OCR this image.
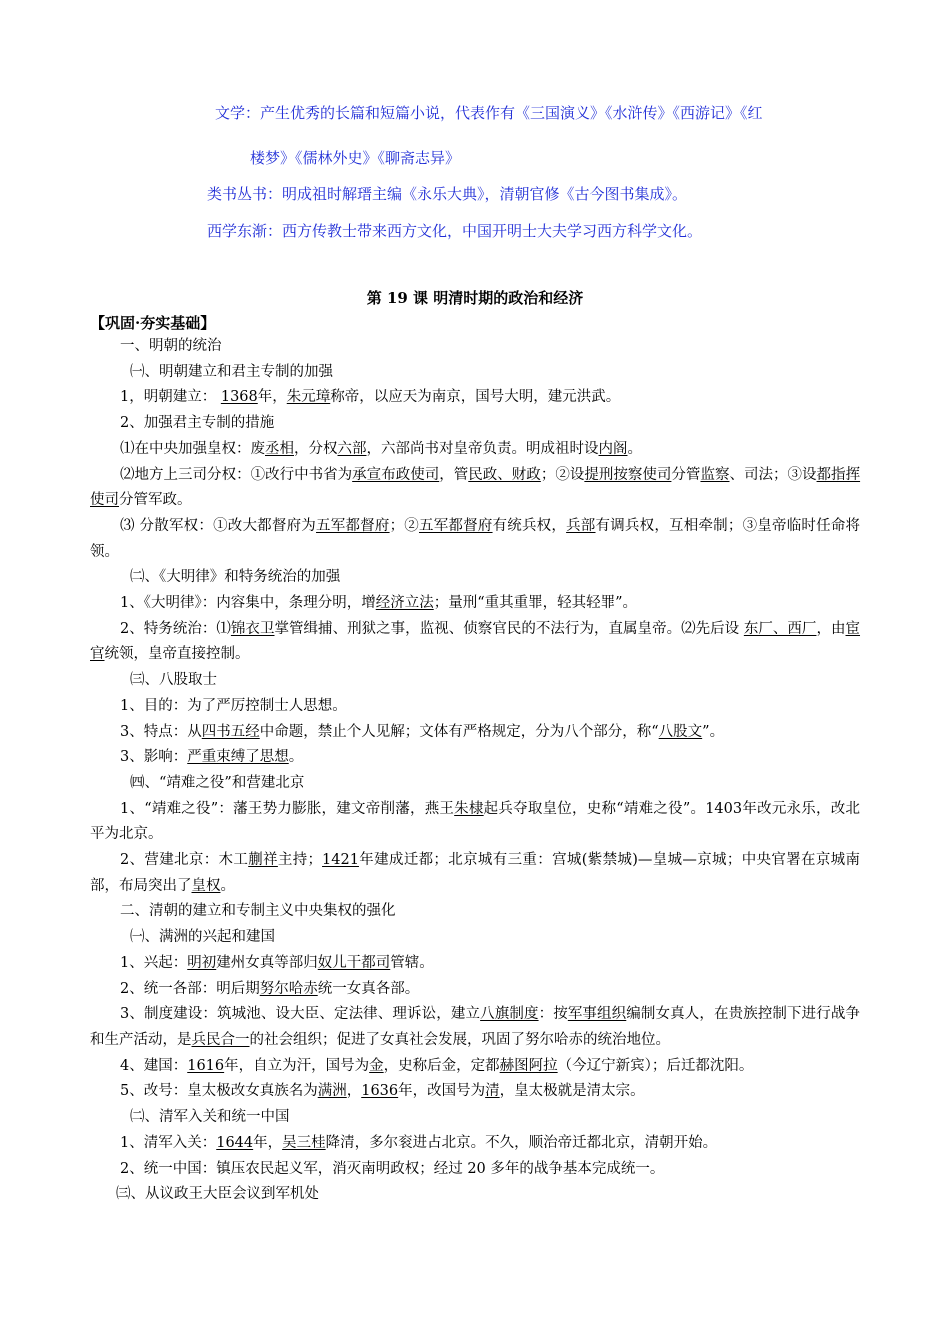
文学：产生优秀的长篇和短篇小说，代表作有《三国演义》《水浒传》《西游记》《红
楼梦》《儒林外史》《聊斋志异》
类书丛书：明成祖时解瑨主编《永乐大典》，清朝官修《古今图书集成》。
西学东渐：西方传教士带来西方文化，中国开明士大夫学习西方科学文化。
第 19 课 明清时期的政治和经济
【巩固·夯实基础】

一、明朝的统治

㈠、明朝建立和君主专制的加强

1，明朝建立： 1368年，朱元璋称帝，以应天为南京，国号大明，建元洪武。

2、加强君主专制的措施

⑴在中央加强皇权：废丞相，分权六部，六部尚书对皇帝负责。明成祖时设内阁。

⑵地方上三司分权：①改行中书省为承宣布政使司，管民政、财政；②设提刑按察使司分管监察、司法；③设都指挥使司分管军政。

⑶ 分散军权：①改大都督府为五军都督府；②五军都督府有统兵权，兵部有调兵权，互相牵制；③皇帝临时任命将领。

㈡、《大明律》和特务统治的加强

1、《大明律》：内容集中，条理分明，增经济立法；量刑“重其重罪，轻其轻罪”。

2、特务统治：⑴锦衣卫掌管缉捕、刑狱之事，监视、侦察官民的不法行为，直属皇帝。⑵先后设 东厂、西厂，由宦官统领，皇帝直接控制。

㈢、八股取士

1、目的：为了严厉控制士人思想。

3、特点：从四书五经中命题，禁止个人见解；文体有严格规定，分为八个部分，称“八股文”。

3、影响：严重束缚了思想。

㈣、“靖难之役”和营建北京

1、“靖难之役”：藩王势力膨胀，建文帝削藩，燕王朱棣起兵夺取皇位，史称“靖难之役”。1403年改元永乐，改北平为北京。

2、营建北京：木工蒯祥主持；1421年建成迁都；北京城有三重：宫城(紫禁城)—皇城—京城；中央官署在京城南部，布局突出了皇权。

二、清朝的建立和专制主义中央集权的强化

㈠、满洲的兴起和建国

1、兴起：明初建州女真等部归奴儿干都司管辖。

2、统一各部：明后期努尔哈赤统一女真各部。

3、制度建设：筑城池、设大臣、定法律、理诉讼，建立八旗制度：按军事组织编制女真人，在贵族控制下进行战争和生产活动，是兵民合一的社会组织；促进了女真社会发展，巩固了努尔哈赤的统治地位。

4、建国：1616年，自立为汗，国号为金，史称后金，定都赫图阿拉（今辽宁新宾）；后迁都沈阳。

5、改号：皇太极改女真族名为满洲，1636年，改国号为清，皇太极就是清太宗。

㈡、清军入关和统一中国

1、清军入关：1644年，吴三桂降清，多尔衮进占北京。不久，顺治帝迁都北京，清朝开始。

2、统一中国：镇压农民起义军，消灭南明政权；经过 20 多年的战争基本完成统一。

㈢、从议政王大臣会议到军机处
